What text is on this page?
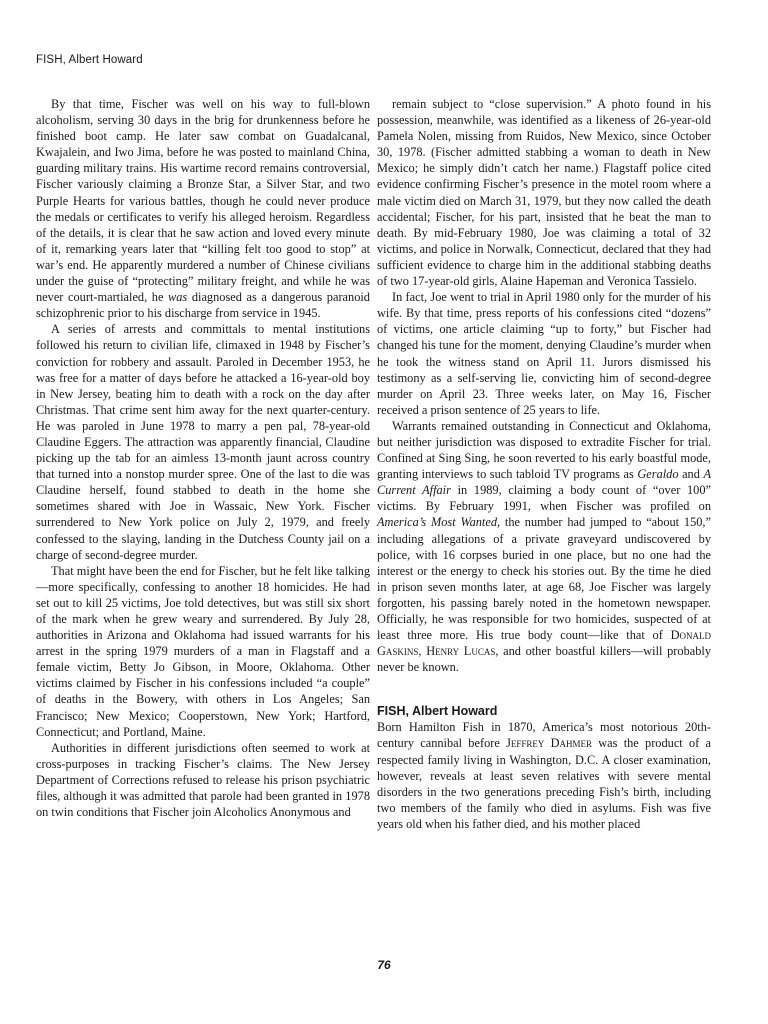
FISH, Albert Howard

By that time, Fischer was well on his way to full-blown alcoholism, serving 30 days in the brig for drunkenness before he finished boot camp. He later saw combat on Guadalcanal, Kwajalein, and Iwo Jima, before he was posted to mainland China, guarding military trains. His wartime record remains controversial, Fischer variously claiming a Bronze Star, a Silver Star, and two Purple Hearts for various battles, though he could never produce the medals or certificates to verify his alleged heroism. Regardless of the details, it is clear that he saw action and loved every minute of it, remarking years later that “killing felt too good to stop” at war’s end. He apparently murdered a number of Chinese civilians under the guise of “protecting” military freight, and while he was never court-martialed, he was diagnosed as a dangerous paranoid schizophrenic prior to his discharge from service in 1945.

A series of arrests and committals to mental institutions followed his return to civilian life, climaxed in 1948 by Fischer’s conviction for robbery and assault. Paroled in December 1953, he was free for a matter of days before he attacked a 16-year-old boy in New Jersey, beating him to death with a rock on the day after Christmas. That crime sent him away for the next quarter-century. He was paroled in June 1978 to marry a pen pal, 78-year-old Claudine Eggers. The attraction was apparently financial, Claudine picking up the tab for an aimless 13-month jaunt across country that turned into a nonstop murder spree. One of the last to die was Claudine herself, found stabbed to death in the home she sometimes shared with Joe in Wassaic, New York. Fischer surrendered to New York police on July 2, 1979, and freely confessed to the slaying, landing in the Dutchess County jail on a charge of second-degree murder.

That might have been the end for Fischer, but he felt like talking—more specifically, confessing to another 18 homicides. He had set out to kill 25 victims, Joe told detectives, but was still six short of the mark when he grew weary and surrendered. By July 28, authorities in Arizona and Oklahoma had issued warrants for his arrest in the spring 1979 murders of a man in Flagstaff and a female victim, Betty Jo Gibson, in Moore, Oklahoma. Other victims claimed by Fischer in his confessions included “a couple” of deaths in the Bowery, with others in Los Angeles; San Francisco; New Mexico; Cooperstown, New York; Hartford, Connecticut; and Portland, Maine.

Authorities in different jurisdictions often seemed to work at cross-purposes in tracking Fischer’s claims. The New Jersey Department of Corrections refused to release his prison psychiatric files, although it was admitted that parole had been granted in 1978 on twin conditions that Fischer join Alcoholics Anonymous and

remain subject to “close supervision.” A photo found in his possession, meanwhile, was identified as a likeness of 26-year-old Pamela Nolen, missing from Ruidos, New Mexico, since October 30, 1978. (Fischer admitted stabbing a woman to death in New Mexico; he simply didn’t catch her name.) Flagstaff police cited evidence confirming Fischer’s presence in the motel room where a male victim died on March 31, 1979, but they now called the death accidental; Fischer, for his part, insisted that he beat the man to death. By mid-February 1980, Joe was claiming a total of 32 victims, and police in Norwalk, Connecticut, declared that they had sufficient evidence to charge him in the additional stabbing deaths of two 17-year-old girls, Alaine Hapeman and Veronica Tassielo.

In fact, Joe went to trial in April 1980 only for the murder of his wife. By that time, press reports of his confessions cited “dozens” of victims, one article claiming “up to forty,” but Fischer had changed his tune for the moment, denying Claudine’s murder when he took the witness stand on April 11. Jurors dismissed his testimony as a self-serving lie, convicting him of second-degree murder on April 23. Three weeks later, on May 16, Fischer received a prison sentence of 25 years to life.

Warrants remained outstanding in Connecticut and Oklahoma, but neither jurisdiction was disposed to extradite Fischer for trial. Confined at Sing Sing, he soon reverted to his early boastful mode, granting interviews to such tabloid TV programs as Geraldo and A Current Affair in 1989, claiming a body count of “over 100” victims. By February 1991, when Fischer was profiled on America’s Most Wanted, the number had jumped to “about 150,” including allegations of a private graveyard undiscovered by police, with 16 corpses buried in one place, but no one had the interest or the energy to check his stories out. By the time he died in prison seven months later, at age 68, Joe Fischer was largely forgotten, his passing barely noted in the hometown newspaper. Officially, he was responsible for two homicides, suspected of at least three more. His true body count—like that of Donald Gaskins, Henry Lucas, and other boastful killers—will probably never be known.

FISH, Albert Howard

Born Hamilton Fish in 1870, America’s most notorious 20th-century cannibal before Jeffrey Dahmer was the product of a respected family living in Washington, D.C. A closer examination, however, reveals at least seven relatives with severe mental disorders in the two generations preceding Fish’s birth, including two members of the family who died in asylums. Fish was five years old when his father died, and his mother placed

76
